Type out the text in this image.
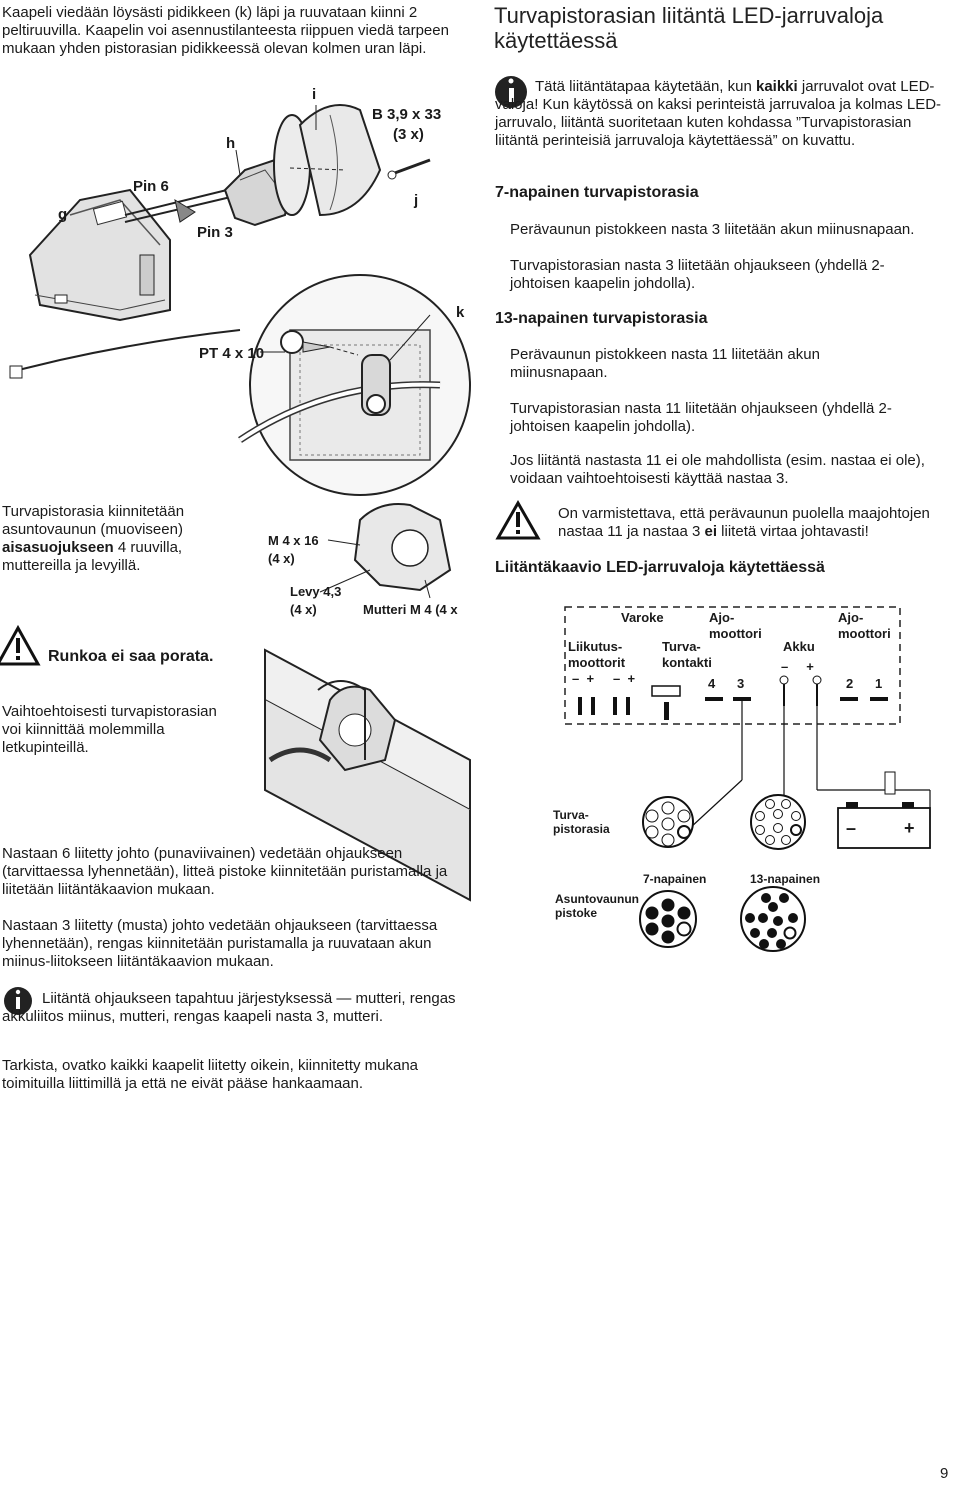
Kaapeli viedään löysästi pidikkeen (k) läpi ja ruuvataan kiinni 2 peltiruuvilla. Kaapelin voi asennustilanteesta riippuen viedä tarpeen mukaan yhden pistorasian pidikkeessä olevan kolmen uran läpi.
g
Pin 6
h
Pin 3
i
B 3,9 x 33
(3 x)
j
k
PT 4 x 10
Turvapistorasia kiinnitetään asuntovaunun (muoviseen) aisasuojukseen 4 ruuvilla, muttereilla ja levyillä.
M 4 x 16
(4 x)
Levy 4,3
(4 x)	Mutteri M 4 (4 x
Runkoa ei saa porata.
Vaihtoehtoisesti turvapistorasian voi kiinnittää molemmilla letkupinteillä.
Nastaan 6 liitetty johto (punaviivainen) vedetään ohjaukseen (tarvittaessa lyhennetään), litteä pistoke kiinnitetään puristamalla ja liitetään liitäntäkaavion mukaan.
Nastaan 3 liitetty (musta) johto vedetään ohjaukseen (tarvittaessa lyhennetään), rengas kiinnitetään puristamalla ja ruuvataan akun miinus-liitokseen liitäntäkaavion mukaan.
Liitäntä ohjaukseen tapahtuu järjestyksessä — mutteri, rengas akkuliitos miinus, mutteri, rengas kaapeli nasta 3, mutteri.
Tarkista, ovatko kaikki kaapelit liitetty oikein, kiinnitetty mukana toimituilla liittimillä ja että ne eivät pääse hankaamaan.
Turvapistorasian liitäntä LED-jarruvaloja käytettäessä
Tätä liitäntätapaa käytetään, kun kaikki jarruvalot ovat LED-valoja! Kun käytössä on kaksi perinteistä jarruvaloa ja kolmas LED-jarruvalo, liitäntä suoritetaan kuten kohdassa ”Turvapistorasian liitäntä perinteisiä jarruvaloja käytettäessä” on kuvattu.
7-napainen turvapistorasia
Perävaunun pistokkeen nasta 3 liitetään akun miinusnapaan.
Turvapistorasian nasta 3 liitetään ohjaukseen (yhdellä 2-johtoisen kaapelin johdolla).
13-napainen turvapistorasia
Perävaunun pistokkeen nasta 11 liitetään akun miinusnapaan.
Turvapistorasian nasta 11 liitetään ohjaukseen (yhdellä 2-johtoisen kaapelin johdolla).
Jos liitäntä nastasta 11 ei ole mahdollista (esim. nastaa ei ole), voidaan vaihtoehtoisesti käyttää nastaa 3.
On varmistettava, että perävaunun puolella maajohtojen nastaa 11 ja nastaa 3 ei liitetä virtaa johtavasti!
Liitäntäkaavio LED-jarruvaloja käytettäessä
Varoke	Ajo-
moottori
Ajo-
moottori
Akku
Liikutus-
moottorit
Turva-
kontakti
–  + –  +
–     +
4 3	2 1
Turva-
pistorasia
Asuntovaunun
pistoke
7-napainen	13-napainen
–	+
9
